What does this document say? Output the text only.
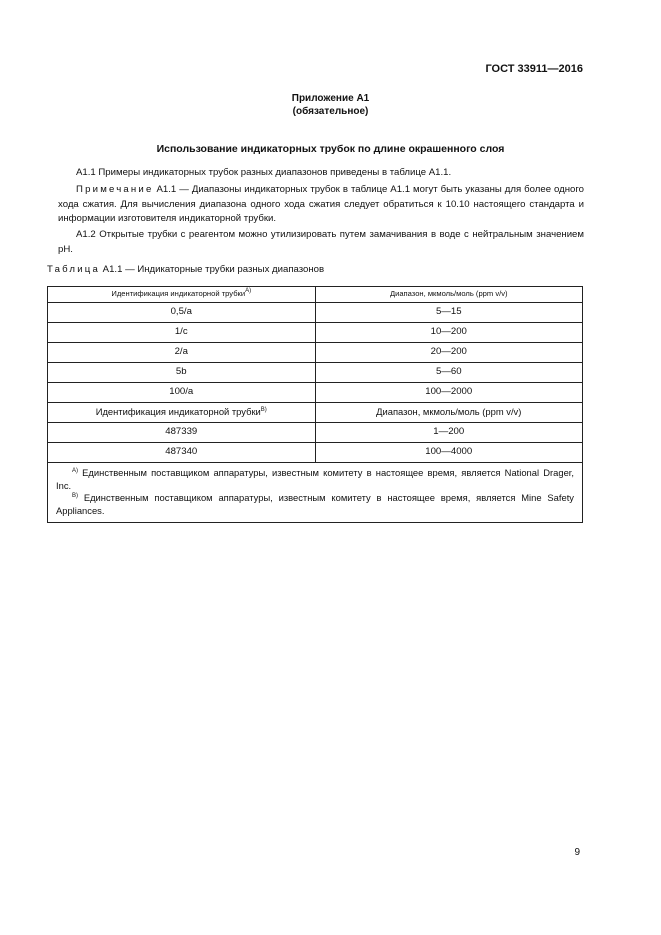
ГОСТ 33911—2016
Приложение А1
(обязательное)
Использование индикаторных трубок по длине окрашенного слоя
А1.1 Примеры индикаторных трубок разных диапазонов приведены в таблице А1.1.
Примечание А1.1 — Диапазоны индикаторных трубок в таблице А1.1 могут быть указаны для более одного хода сжатия. Для вычисления диапазона одного хода сжатия следует обратиться к 10.10 настоящего стандарта и информации изготовителя индикаторной трубки.
А1.2 Открытые трубки с реагентом можно утилизировать путем замачивания в воде с нейтральным значением pH.
Таблица А1.1 — Индикаторные трубки разных диапазонов
Идентификация индикаторной трубки$^{A)}$	Диапазон, мкмоль/моль (ppm v/v)
0,5/a	5—15
1/c	10—200
2/a	20—200
5b	5—60
100/a	100—2000
Идентификация индикаторной трубки$^{B)}$	Диапазон, мкмоль/моль (ppm v/v)
487339	1—200
487340	100—4000

$^{A)}$ Единственным поставщиком аппаратуры, известным комитету в настоящее время, является National Drager, Inc.
$^{B)}$ Единственным поставщиком аппаратуры, известным комитету в настоящее время, является Mine Safety Appliances.	
9
